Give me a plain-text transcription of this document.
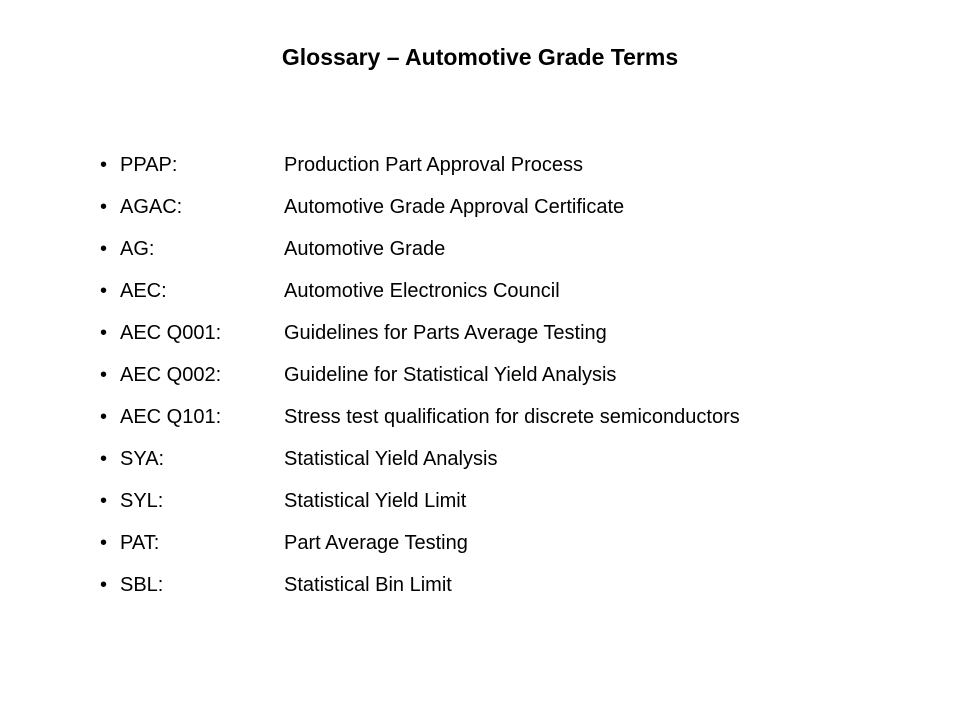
Glossary – Automotive Grade Terms
• PPAP:	Production Part Approval Process
• AGAC:	Automotive Grade Approval Certificate
• AG:	Automotive Grade
• AEC:	Automotive Electronics Council
• AEC Q001:	Guidelines for Parts Average Testing
• AEC Q002:	Guideline for Statistical Yield Analysis
• AEC Q101:	Stress test qualification for discrete semiconductors
• SYA:	Statistical Yield Analysis
• SYL:	Statistical Yield Limit
• PAT:	Part Average Testing
• SBL:	Statistical Bin Limit
